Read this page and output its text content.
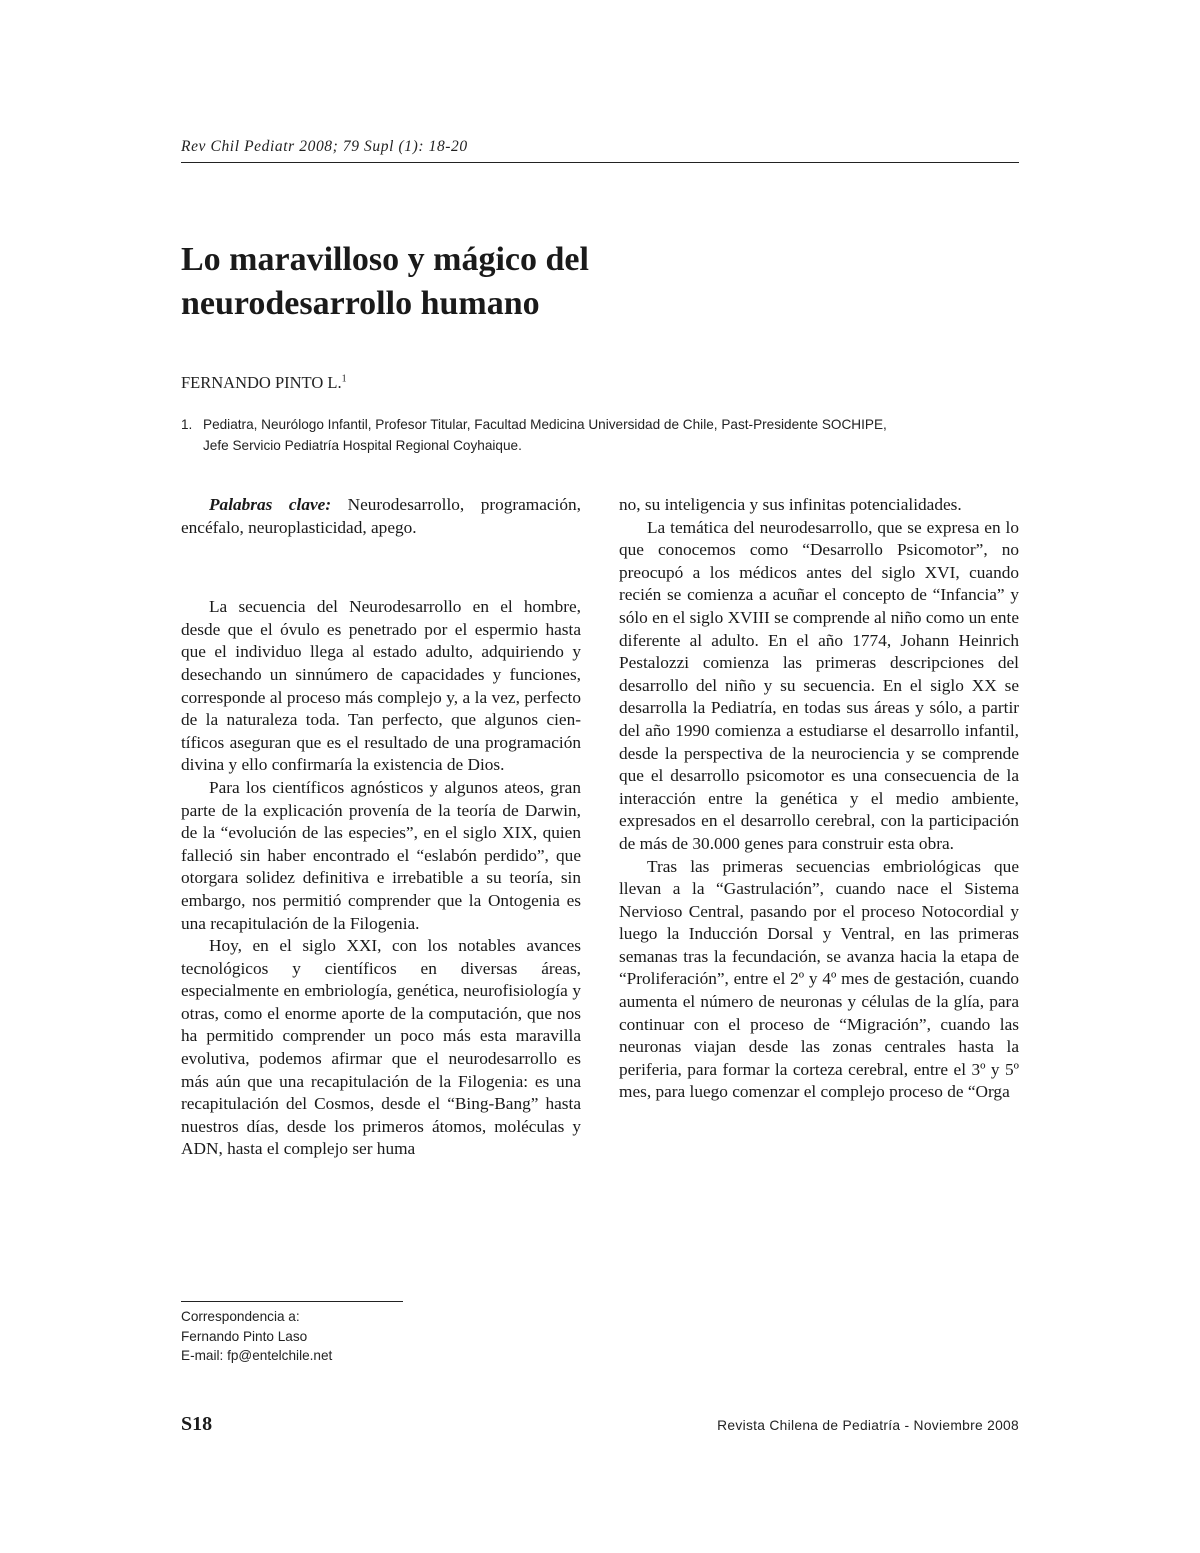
Rev Chil Pediatr 2008; 79 Supl (1): 18-20
Lo maravilloso y mágico del
neurodesarrollo humano
FERNANDO PINTO L.$^1$
1. Pediatra, Neurólogo Infantil, Profesor Titular, Facultad Medicina Universidad de Chile, Past-Presidente SOCHIPE,
Jefe Servicio Pediatría Hospital Regional Coyhaique.

Palabras clave: Neurodesarrollo, programación, encéfalo, neuroplasticidad, apego.

La secuencia del Neurodesarrollo en el hombre, desde que el óvulo es penetrado por el espermio hasta que el individuo llega al estado adulto, adquiriendo y desechando un sinnúmero de capacidades y funciones, corresponde al proceso más complejo y, a la vez, perfecto de la naturaleza toda. Tan perfecto, que algunos científicos aseguran que es el resultado de una programación divina y ello confirmaría la existencia de Dios.

Para los científicos agnósticos y algunos ateos, gran parte de la explicación provenía de la teoría de Darwin, de la “evolución de las especies”, en el siglo XIX, quien falleció sin haber encontrado el “eslabón perdido”, que otorgara solidez definitiva e irrebatible a su teoría, sin embargo, nos permitió comprender que la Ontogenia es una recapitulación de la Filogenia.

Hoy, en el siglo XXI, con los notables avances tecnológicos y científicos en diversas áreas, especialmente en embriología, genética, neurofisiología y otras, como el enorme aporte de la computación, que nos ha permitido comprender un poco más esta maravilla evolutiva, podemos afirmar que el neurodesarrollo es más aún que una recapitulación de la Filogenia: es una recapitulación del Cosmos, desde el “Bing-Bang” hasta nuestros días, desde los primeros átomos, moléculas y ADN, hasta el complejo ser huma

no, su inteligencia y sus infinitas potencialidades.

La temática del neurodesarrollo, que se expresa en lo que conocemos como “Desarrollo Psicomotor”, no preocupó a los médicos antes del siglo XVI, cuando recién se comienza a acuñar el concepto de “Infancia” y sólo en el siglo XVIII se comprende al niño como un ente diferente al adulto. En el año 1774, Johann Heinrich Pestalozzi comienza las primeras descripciones del desarrollo del niño y su secuencia. En el siglo XX se desarrolla la Pediatría, en todas sus áreas y sólo, a partir del año 1990 comienza a estudiarse el desarrollo infantil, desde la perspectiva de la neurociencia y se comprende que el desarrollo psicomotor es una consecuencia de la interacción entre la genética y el medio ambiente, expresados en el desarrollo cerebral, con la participación de más de 30.000 genes para construir esta obra.

Tras las primeras secuencias embriológicas que llevan a la “Gastrulación”, cuando nace el Sistema Nervioso Central, pasando por el proceso Notocordial y luego la Inducción Dorsal y Ventral, en las primeras semanas tras la fecundación, se avanza hacia la etapa de “Proliferación”, entre el 2º y 4º mes de gestación, cuando aumenta el número de neuronas y células de la glía, para continuar con el proceso de “Migración”, cuando las neuronas viajan desde las zonas centrales hasta la periferia, para formar la corteza cerebral, entre el 3º y 5º mes, para luego comenzar el complejo proceso de “Orga

Correspondencia a:
Fernando Pinto Laso
E-mail: fp@entelchile.net
S18	Revista Chilena de Pediatría - Noviembre 2008
